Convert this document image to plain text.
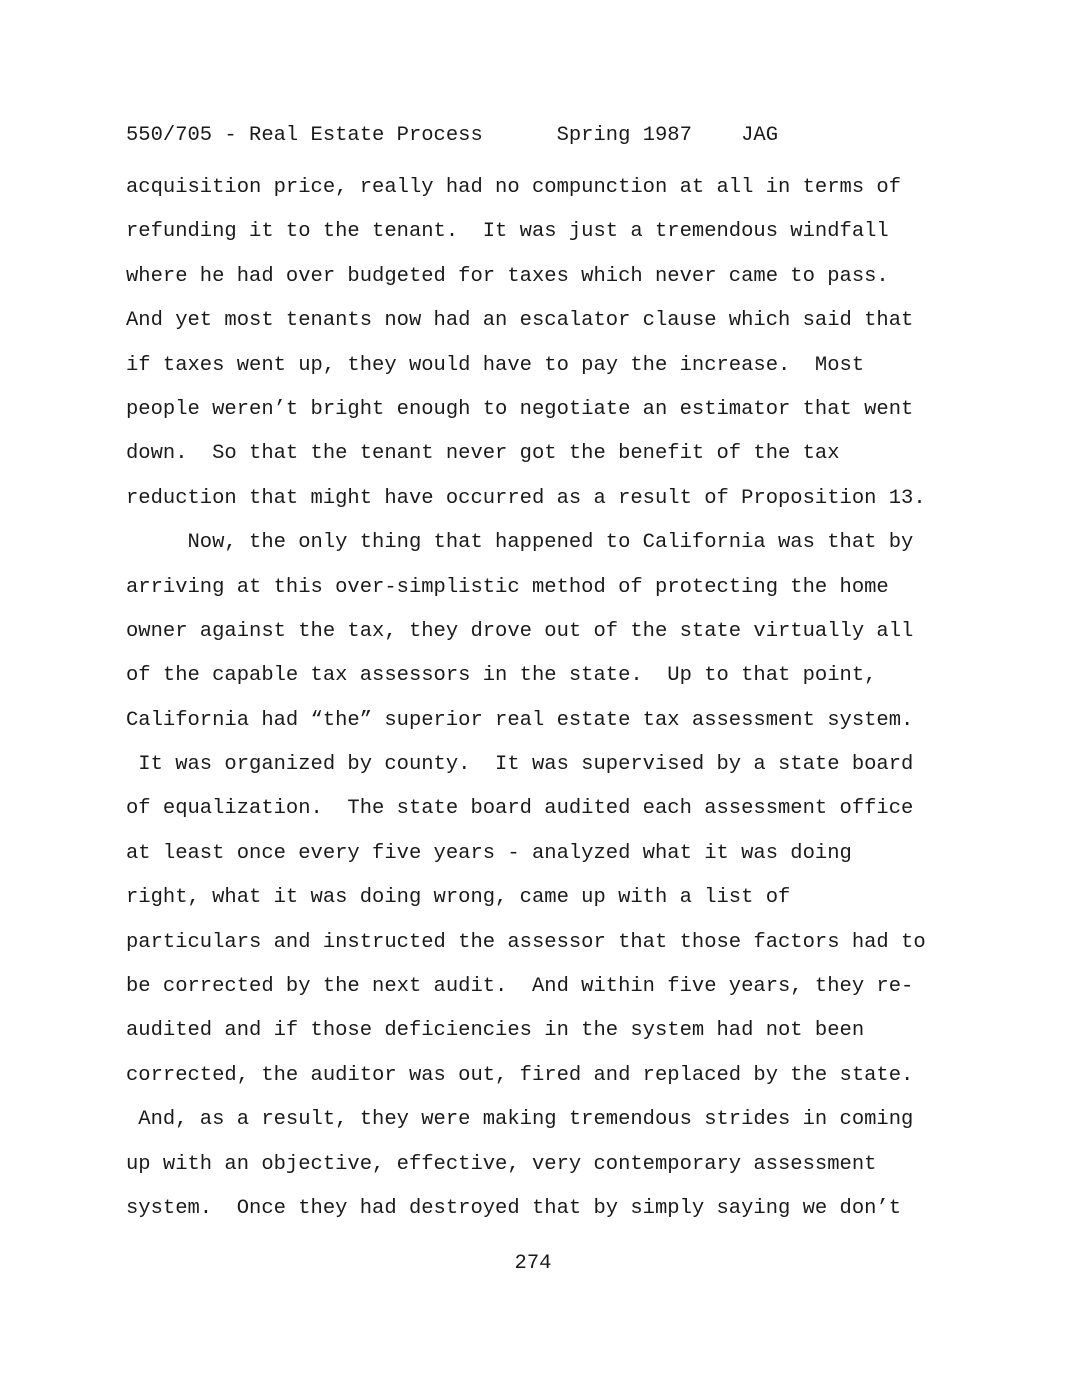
550/705 - Real Estate Process	Spring 1987 JAG
acquisition price, really had no compunction at all in terms of
refunding it to the tenant.  It was just a tremendous windfall
where he had over budgeted for taxes which never came to pass.
And yet most tenants now had an escalator clause which said that
if taxes went up, they would have to pay the increase.  Most
people weren’t bright enough to negotiate an estimator that went
down.  So that the tenant never got the benefit of the tax
reduction that might have occurred as a result of Proposition 13.
Now, the only thing that happened to California was that by
arriving at this over-simplistic method of protecting the home
owner against the tax, they drove out of the state virtually all
of the capable tax assessors in the state.  Up to that point,
California had “the” superior real estate tax assessment system.
It was organized by county.  It was supervised by a state board
of equalization.  The state board audited each assessment office
at least once every five years - analyzed what it was doing
right, what it was doing wrong, came up with a list of
particulars and instructed the assessor that those factors had to
be corrected by the next audit.  And within five years, they re-
audited and if those deficiencies in the system had not been
corrected, the auditor was out, fired and replaced by the state.
And, as a result, they were making tremendous strides in coming
up with an objective, effective, very contemporary assessment
system.  Once they had destroyed that by simply saying we don’t
274
